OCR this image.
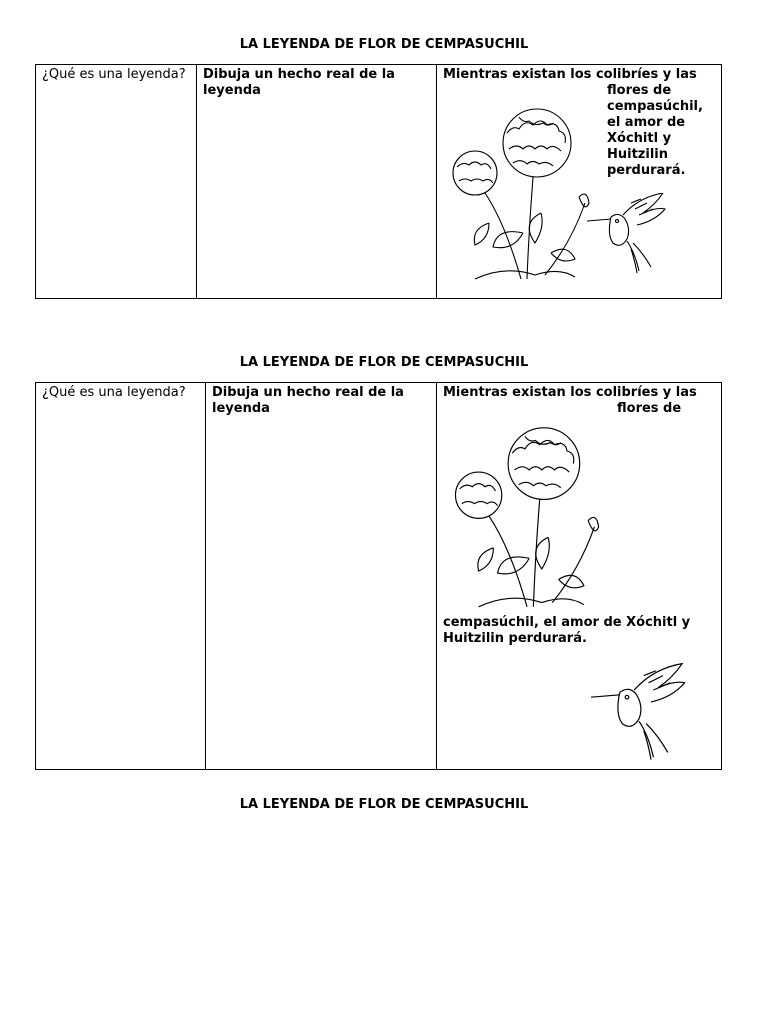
LA LEYENDA DE FLOR DE CEMPASUCHIL
¿Qué es una leyenda?	Dibuja un hecho real de la leyenda	Mientras existan los colibríes y las
flores de
cempasúchil,
el amor de
Xóchitl y
Huitzilin
perdurará.
LA LEYENDA DE FLOR DE CEMPASUCHIL
¿Qué es una leyenda?	Dibuja un hecho real de la leyenda	Mientras existan los colibríes y las
flores de
cempasúchil, el amor de Xóchitl y Huitzilin perdurará.
LA LEYENDA DE FLOR DE CEMPASUCHIL
